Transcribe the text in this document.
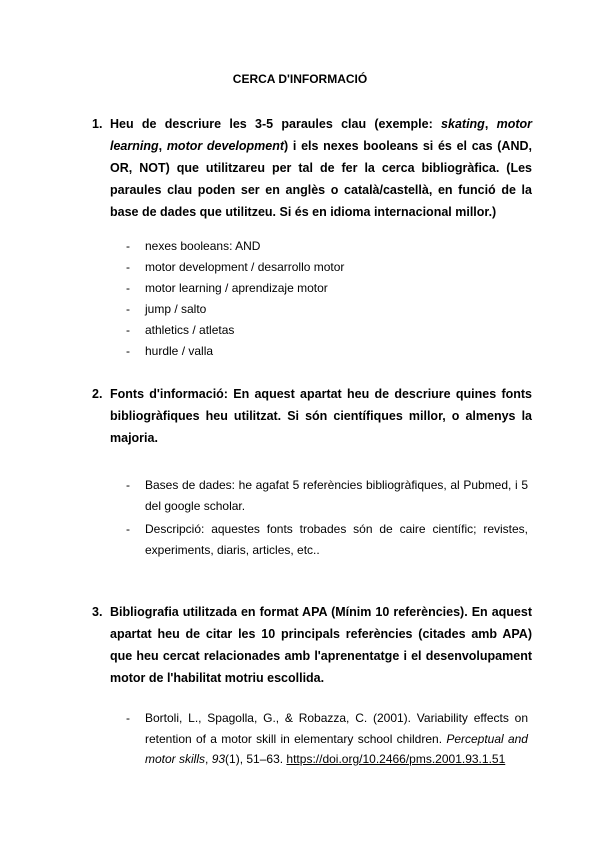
CERCA D'INFORMACIÓ
1. Heu de descriure les 3-5 paraules clau (exemple: skating, motor learning, motor development) i els nexes booleans si és el cas (AND, OR, NOT) que utilitzareu per tal de fer la cerca bibliogràfica. (Les paraules clau poden ser en anglès o català/castellà, en funció de la base de dades que utilitzeu. Si és en idioma internacional millor.)

- nexes booleans: AND
- motor development / desarrollo motor
- motor learning / aprendizaje motor
- jump / salto
- athletics / atletas
- hurdle / valla
2. Fonts d'informació: En aquest apartat heu de descriure quines fonts bibliogràfiques heu utilitzat. Si són científiques millor, o almenys la majoria.

- Bases de dades: he agafat 5 referències bibliogràfiques, al Pubmed, i 5 del google scholar.
- Descripció: aquestes fonts trobades són de caire científic; revistes, experiments, diaris, articles, etc..
3. Bibliografia utilitzada en format APA (Mínim 10 referències). En aquest apartat heu de citar les 10 principals referències (citades amb APA) que heu cercat relacionades amb l'aprenentatge i el desenvolupament motor de l'habilitat motriu escollida.

- Bortoli, L., Spagolla, G., & Robazza, C. (2001). Variability effects on retention of a motor skill in elementary school children. Perceptual and motor skills, 93(1), 51–63. https://doi.org/10.2466/pms.2001.93.1.51
